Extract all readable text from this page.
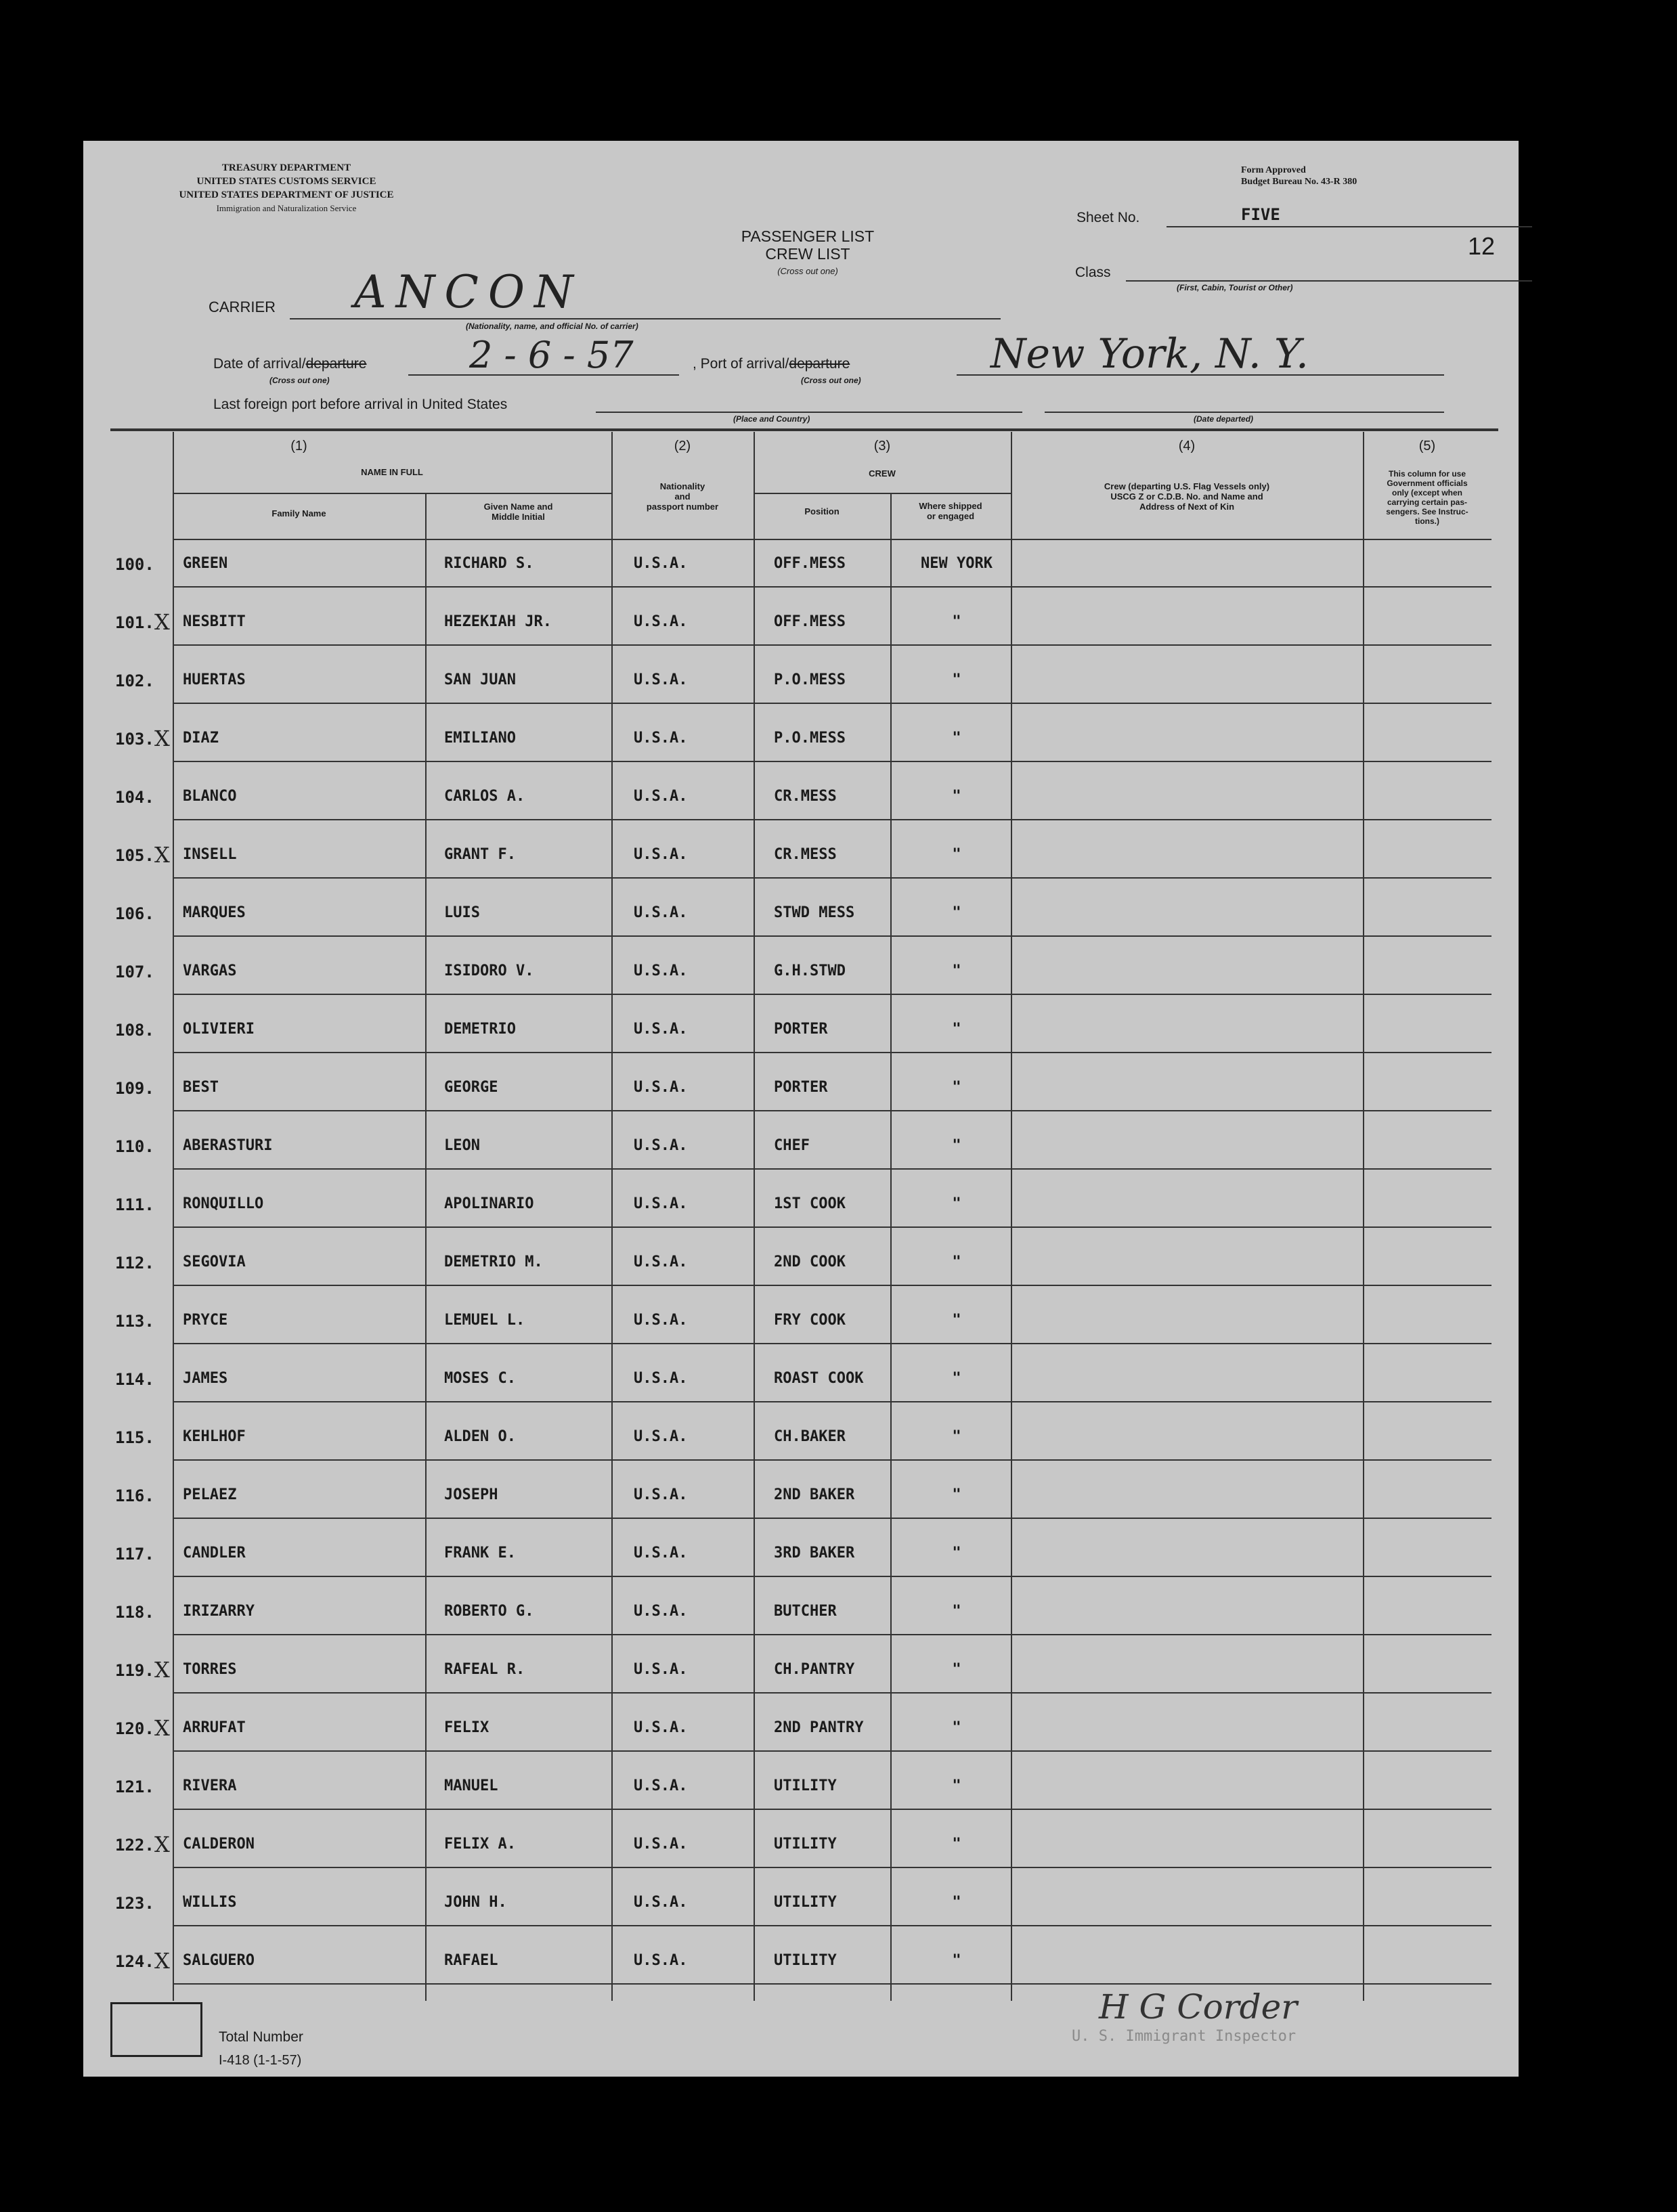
TREASURY DEPARTMENT
UNITED STATES CUSTOMS SERVICE
UNITED STATES DEPARTMENT OF JUSTICE
Immigration and Naturalization Service
Form Approved
Budget Bureau No. 43-R 380
PASSENGER LIST
CREW LIST
(Cross out one)
Sheet No.	FIVE
12
Class
(First, Cabin, Tourist or Other)
CARRIER ANCON
(Nationality, name, and official No. of carrier)
Date of arrival/departure
(Cross out one)
2 - 6 - 57	, Port of arrival/departure
(Cross out one)
New York, N. Y.
Last foreign port before arrival in United States
(Place and Country)	(Date departed)
(1)
NAME IN FULL
Family Name
Given Name and
Middle Initial
(2)
Nationality
and
passport number
(3)
CREW
Position
Where shipped
or engaged
(4)
Crew (departing U.S. Flag Vessels only)
USCG Z or C.D.B. No. and Name and
Address of Next of Kin
(5)
This column for use
Government officials
only (except when
carrying certain pas-
sengers. See Instruc-
tions.)
100. GREEN	RICHARD S.	U.S.A.	OFF.MESS	NEW YORK
101. NESBITT	HEZEKIAH JR.	U.S.A.	OFF.MESS	"
X
102. HUERTAS	SAN JUAN	U.S.A.	P.O.MESS	"
103. DIAZ	EMILIANO	U.S.A.	P.O.MESS	"
X
104. BLANCO	CARLOS A.	U.S.A.	CR.MESS	"
105. INSELL	GRANT F.	U.S.A.	CR.MESS	"
X
106. MARQUES	LUIS	U.S.A.	STWD MESS	"
107. VARGAS	ISIDORO V.	U.S.A.	G.H.STWD	"
108. OLIVIERI	DEMETRIO	U.S.A.	PORTER	"
109. BEST	GEORGE	U.S.A.	PORTER	"
110. ABERASTURI	LEON	U.S.A.	CHEF	"
111. RONQUILLO	APOLINARIO	U.S.A.	1ST COOK	"
112. SEGOVIA	DEMETRIO M.	U.S.A.	2ND COOK	"
113. PRYCE	LEMUEL L.	U.S.A.	FRY COOK	"
114. JAMES	MOSES C.	U.S.A.	ROAST COOK	"
115. KEHLHOF	ALDEN O.	U.S.A.	CH.BAKER	"
116. PELAEZ	JOSEPH	U.S.A.	2ND BAKER	"
117. CANDLER	FRANK E.	U.S.A.	3RD BAKER	"
118. IRIZARRY	ROBERTO G.	U.S.A.	BUTCHER	"
119. TORRES	RAFEAL R.	U.S.A.	CH.PANTRY	"
X
120. ARRUFAT	FELIX	U.S.A.	2ND PANTRY	"
X
121. RIVERA	MANUEL	U.S.A.	UTILITY	"
122. CALDERON	FELIX A.	U.S.A.	UTILITY	"
X
123. WILLIS	JOHN H.	U.S.A.	UTILITY	"
124. SALGUERO	RAFAEL	U.S.A.	UTILITY	"
X
Total Number
I-418 (1-1-57)
H G Corder
U. S. Immigrant Inspector
